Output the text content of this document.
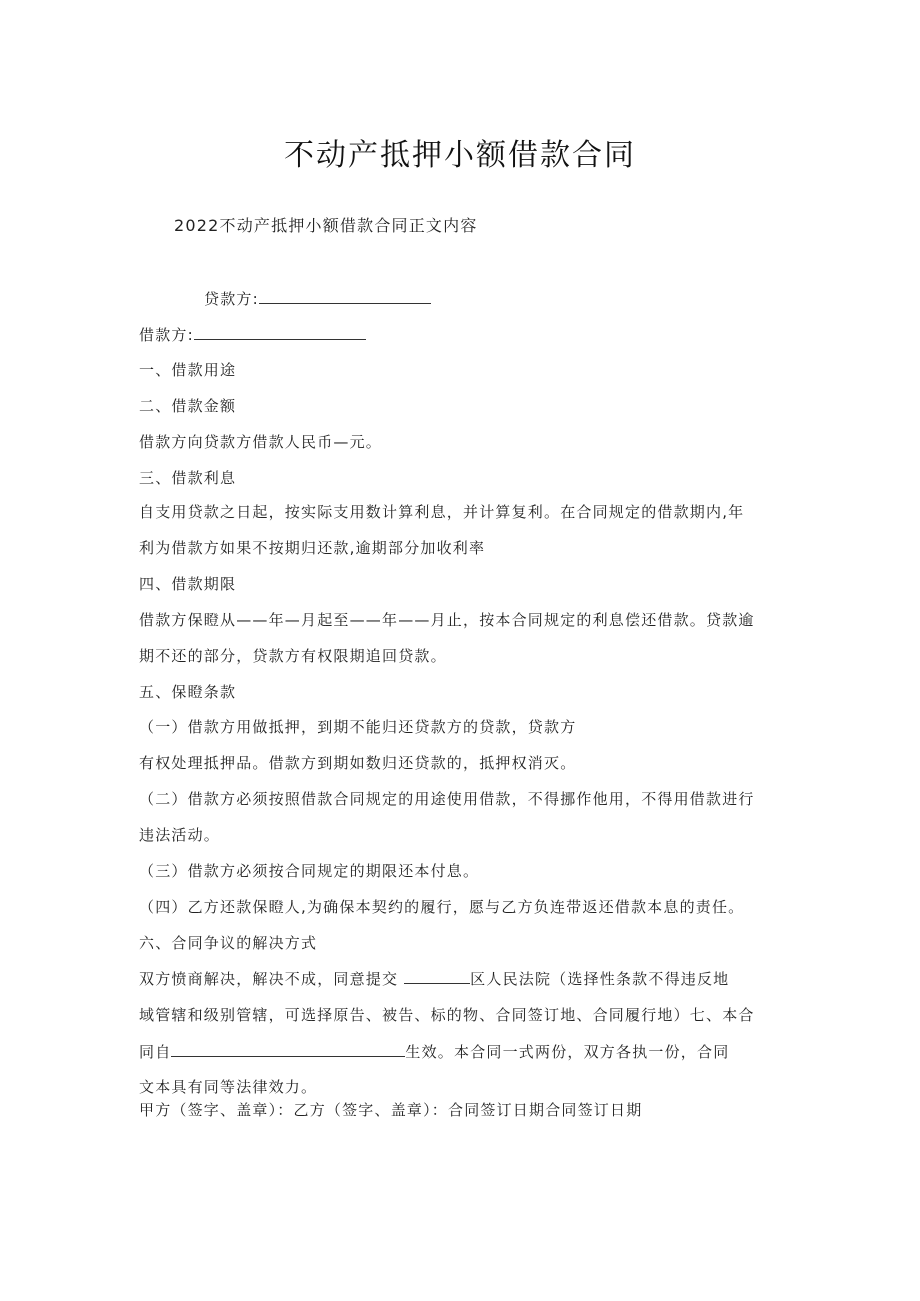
不动产抵押小额借款合同
2022不动产抵押小额借款合同正文内容
贷款方:
借款方:
一、借款用途
二、借款金额
借款方向贷款方借款人民币—元。
三、借款利息
自支用贷款之日起，按实际支用数计算利息，并计算复利。在合同规定的借款期内,年
利为借款方如果不按期归还款,逾期部分加收利率
四、借款期限
借款方保瞪从——年—月起至——年——月止，按本合同规定的利息偿还借款。贷款逾
期不还的部分，贷款方有权限期追回贷款。
五、保瞪条款
（一）借款方用做抵押，到期不能归还贷款方的贷款，贷款方
有权处理抵押品。借款方到期如数归还贷款的，抵押权消灭。
（二）借款方必须按照借款合同规定的用途使用借款，不得挪作他用，不得用借款进行
违法活动。
（三）借款方必须按合同规定的期限还本付息。
（四）乙方还款保瞪人,为确保本契约的履行，愿与乙方负连带返还借款本息的责任。
六、合同争议的解决方式
双方愤商解决，解决不成，同意提交	区人民法院（选择性条款不得违反地
域管辖和级别管辖，可选择原告、被告、标的物、合同签订地、合同履行地）七、本合
同自	生效。本合同一式两份，双方各执一份，合同
文本具有同等法律效力。
甲方（签字、盖章）：乙方（签字、盖章）：合同签订日期合同签订日期
